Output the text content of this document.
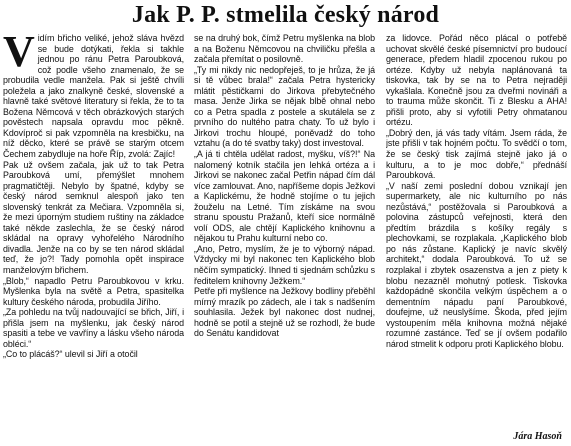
Jak P. P. stmelila český národ

Vidím břicho veliké, jehož sláva hvězd se bude dotýkati, řekla si takhle jednou po ránu Petra Paroubková, což podle všeho znamenalo, že se probudila vedle manžela. Pak si ještě chvíli poležela a jako znalkyně české, slovenské a hlavně také světové literatury si řekla, že to ta Božena Němcová v těch obrázkových starých pověstech napsala opravdu moc pěkně. Kdovíproč si pak vzpomněla na kresbičku, na níž děcko, které se právě se starým otcem Čechem zabydluje na hoře Říp, zvolá: Zajíc!

Pak už ovšem začala, jak už to tak Petra Paroubková umí, přemýšlet mnohem pragmatičtěji. Nebylo by špatné, kdyby se český národ semknul alespoň jako ten slovenský tenkrát za Mečiara. Vzpomněla si, že mezi úporným studiem ruštiny na základce také někde zaslechla, že se český národ skládal na opravy vyhořelého Národního divadla. Jenže na co by se ten národ skládal teď, že jo?! Tady pomohla opět inspirace manželovým břichem.

„Blob,“ napadlo Petru Paroubkovou v krku. Myšlenka byla na světě a Petra, spasitelka kultury českého národa, probudila Jiřího.

„Za pohledu na tvůj nadouvající se břich, Jiří, i přišla jsem na myšlenku, jak český národ spasiti a tebe ve vavříny a lásku všeho národa obléci.“

„Co to plácáš?“ ulevil si Jiří a otočil

se na druhý bok, čímž Petru myšlenka na blob a na Boženu Němcovou na chviličku přešla a začala přemítat o posilovně.

„Ty mi nikdy nic nedopřeješ, to je hrůza, že já si tě vůbec brala!“ začala Petra hystericky mlátit pěstičkami do Jirkova přebytečného masa. Jenže Jirka se nějak blbě ohnal nebo co a Petra spadla z postele a skutálela se z prvního do nultého patra chaty. To už bylo i Jirkovi trochu hloupé, poněvadž do toho vztahu (a do té svatby taky) dost investoval.

„A já ti chtěla udělat radost, myšku, víš?!“ Na nalomený kotník stačila jen lehká ortéza a i Jirkovi se nakonec začal Petřin nápad čím dál více zamlouvat. Ano, napříšeme dopis Ježkovi a Kaplickému, že hodně stojíme o tu jejich žouželu na Letné. Tím získáme na svou stranu spoustu Pražanů, kteří sice normálně volí ODS, ale chtějí Kaplického knihovnu a nějakou tu Prahu kulturní nebo co.

„Ano, Petro, myslím, že je to výborný nápad. Vždycky mi byl nakonec ten Kaplického blob něčím sympatický. Ihned ti sjednám schůzku s ředitelem knihovny Ježkem.“

Petře při myšlence na Ježkovy bodliny přeběhl mírný mrazík po zádech, ale i tak s nadšením souhlasila. Ježek byl nakonec dost nudnej, hodně se potil a stejně už se rozhodl, že bude do Senátu kandidovat

za lidovce. Pořád něco plácal o potřebě uchovat skvělé české písemnictví pro budoucí generace, předem hladil zpocenou rukou po ortéze. Kdyby už nebyla naplánovaná ta tiskovka, tak by se na to Petra nejraději vykašlala. Konečně jsou za dveřmi novináři a to trauma může skončit. Ti z Blesku a AHA! přišli proto, aby si vyfotili Petry ohmatanou ortézu.

„Dobrý den, já vás tady vítám. Jsem ráda, že jste přišli v tak hojném počtu. To svědčí o tom, že se český tisk zajímá stejně jako já o kulturu, a to je moc dobře,“ přednáší Paroubková.

„V naší zemi poslední dobou vznikají jen supermarkety, ale nic kulturního po nás nezůstává,“ postěžovala si Paroubková a polovina zástupců veřejnosti, která den předtím brázdila s košíky regály s plechovkami, se rozplakala. „Kaplického blob po nás zůstane. Kaplický je navíc skvělý architekt,“ dodala Paroubková. To už se rozplakal i zbytek osazenstva a jen z piety k blobu nezazněl mohutný potlesk. Tiskovka každopádně skončila velkým úspěchem a o dementním nápadu paní Paroubkové, doufejme, už neuslyšíme. Škoda, před jejím vystoupením měla knihovna možná nějaké rozumné zastánce. Teď se jí ovšem podařilo národ stmelit k odporu proti Kaplického blobu.

Jára Hasoň
